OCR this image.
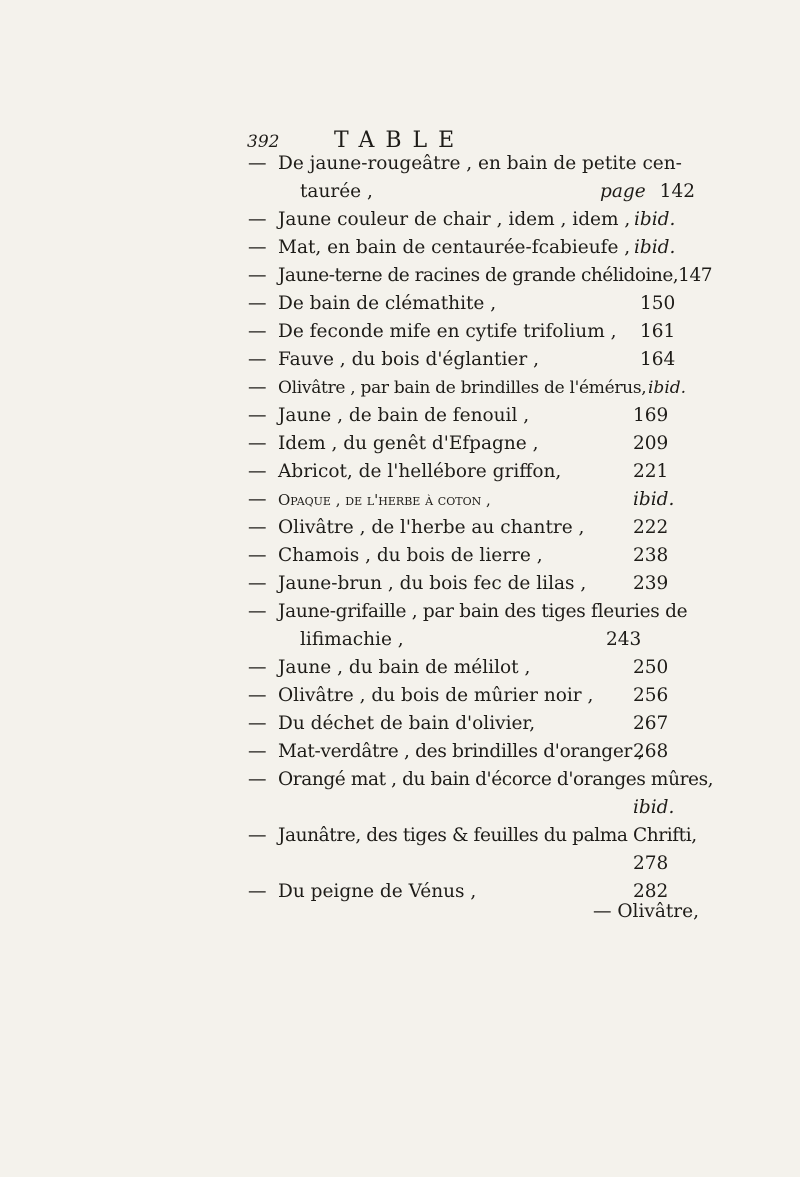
392 TABLE
— De jaune-rougeâtre , en bain de petite cen-
taurée ,	page 142
— Jaune couleur de chair , idem , idem , ibid.
— Mat, en bain de centaurée-fcabieufe , ibid.
— Jaune-terne de racines de grande chélidoine,147
— De bain de clémathite ,	150
— De feconde mife en cytife trifolium , 161
— Fauve , du bois d'églantier ,	164
— Olivâtre , par bain de brindilles de l'émérus, ibid.
— Jaune , de bain de fenouil ,	169
— Idem , du genêt d'Efpagne ,	209
— Abricot, de l'hellébore griffon,	221
— Opaque , de l'herbe à coton ,	ibid.
— Olivâtre , de l'herbe au chantre ,	222
— Chamois , du bois de lierre ,	238
— Jaune-brun , du bois fec de lilas ,	239
— Jaune-grifaille , par bain des tiges fleuries de
lifimachie ,	243
— Jaune , du bain de mélilot ,	250
— Olivâtre , du bois de mûrier noir , 256
— Du déchet de bain d'olivier,	267
— Mat-verdâtre , des brindilles d'oranger ,
268
— Orangé mat , du bain d'écorce d'oranges mûres,
ibid.
— Jaunâtre, des tiges & feuilles du palma Chrifti,
278
— Du peigne de Vénus ,	282
— Olivâtre,
